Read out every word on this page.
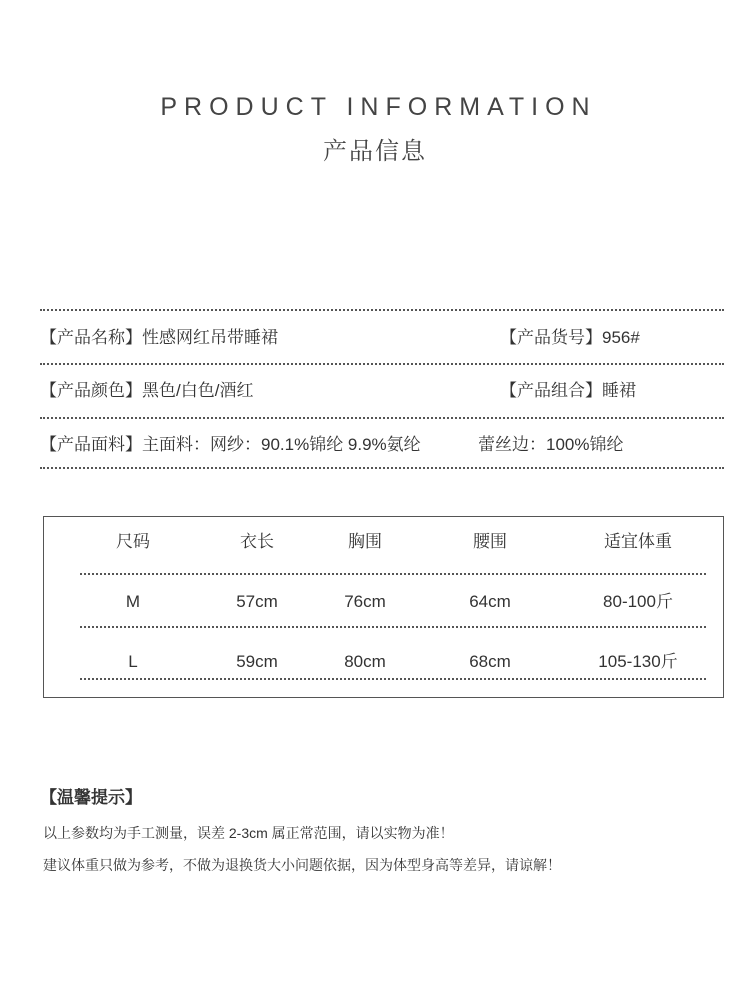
PRODUCT INFORMATION
产品信息
【产品名称】性感网红吊带睡裙	【产品货号】956#
【产品颜色】黑色/白色/酒红	【产品组合】睡裙
【产品面料】主面料：网纱：90.1%锦纶 9.9%氨纶	蕾丝边：100%锦纶
尺码	衣长	胸围	腰围	适宜体重
M	57cm	76cm	64cm	80-100斤
L	59cm	80cm	68cm	105-130斤
【温馨提示】
以上参数均为手工测量，误差 2-3cm 属正常范围，请以实物为准！
建议体重只做为参考，不做为退换货大小问题依据，因为体型身高等差异，请谅解！
